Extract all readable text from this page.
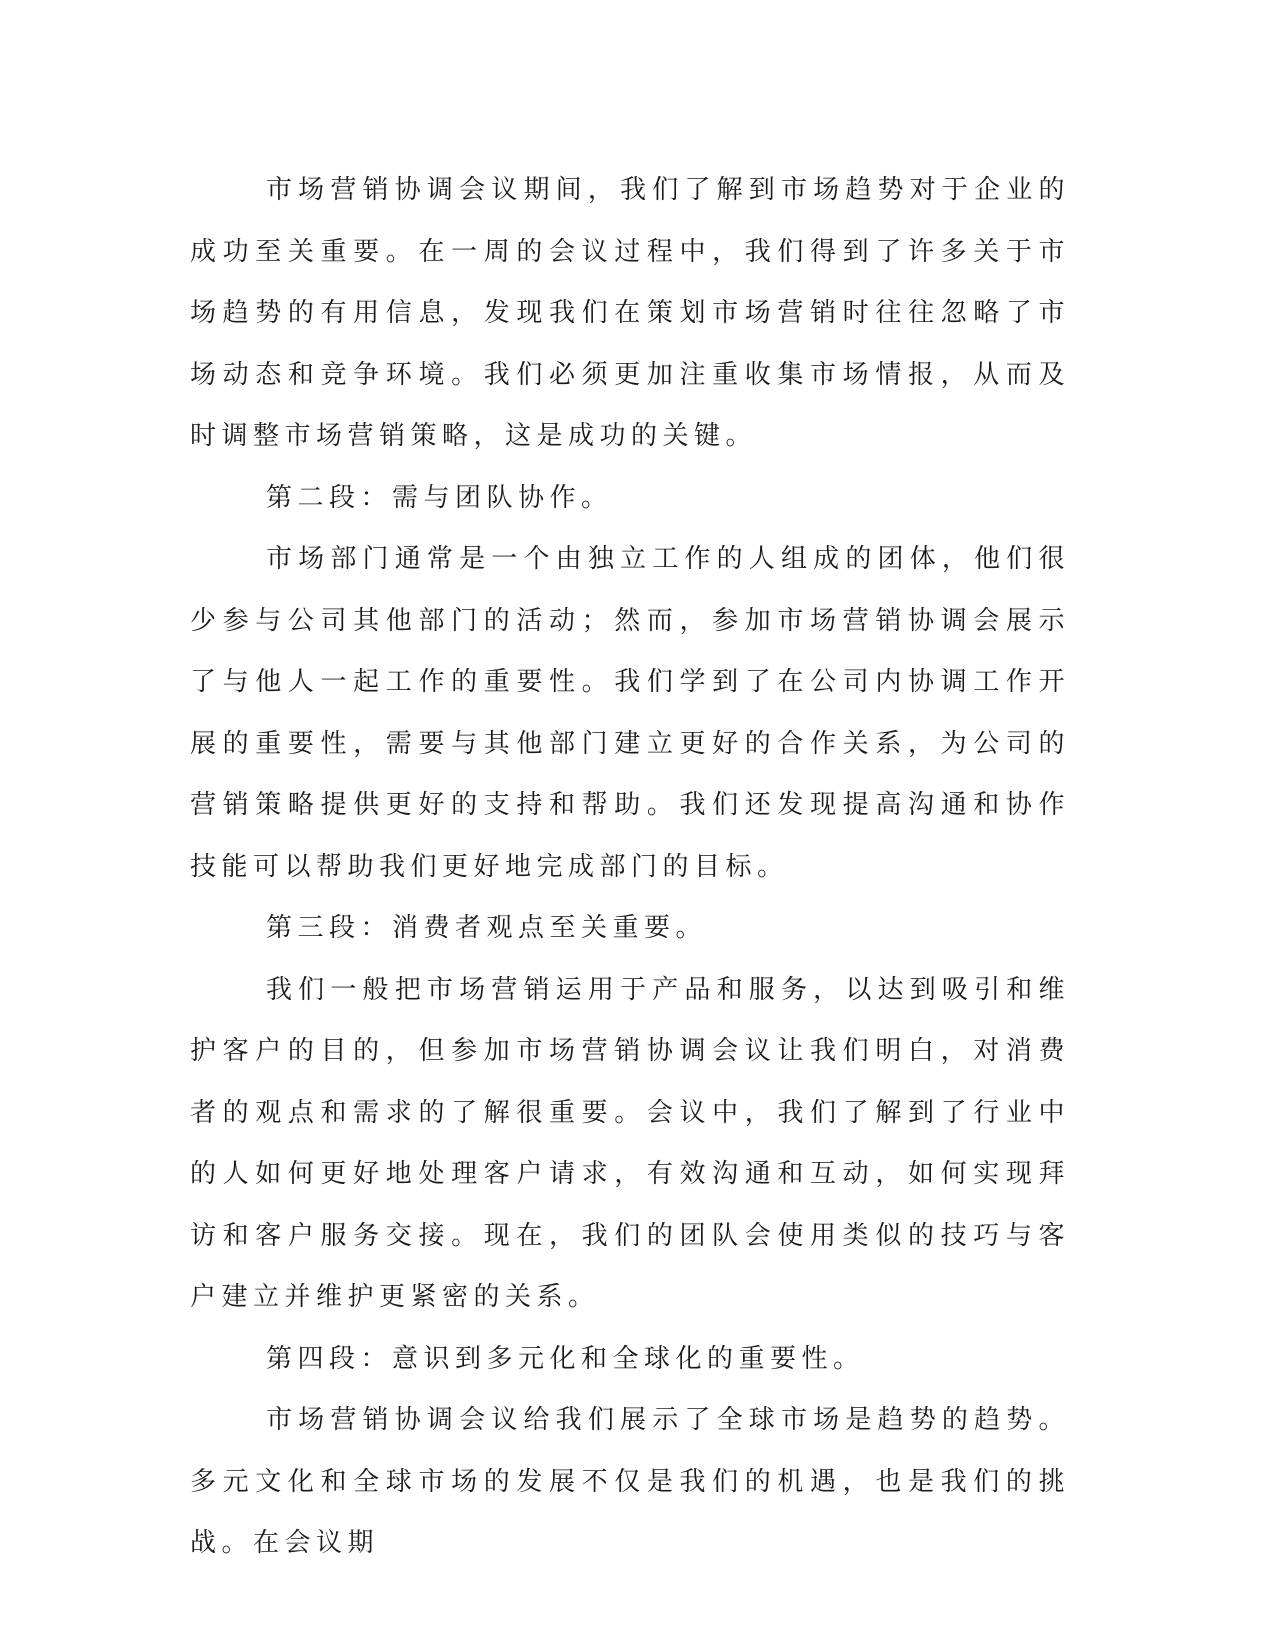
市场营销协调会议期间，我们了解到市场趋势对于企业的成功至关重要。在一周的会议过程中，我们得到了许多关于市场趋势的有用信息，发现我们在策划市场营销时往往忽略了市场动态和竞争环境。我们必须更加注重收集市场情报，从而及时调整市场营销策略，这是成功的关键。

第二段：需与团队协作。

市场部门通常是一个由独立工作的人组成的团体，他们很少参与公司其他部门的活动；然而，参加市场营销协调会展示了与他人一起工作的重要性。我们学到了在公司内协调工作开展的重要性，需要与其他部门建立更好的合作关系，为公司的营销策略提供更好的支持和帮助。我们还发现提高沟通和协作技能可以帮助我们更好地完成部门的目标。

第三段：消费者观点至关重要。

我们一般把市场营销运用于产品和服务，以达到吸引和维护客户的目的，但参加市场营销协调会议让我们明白，对消费者的观点和需求的了解很重要。会议中，我们了解到了行业中的人如何更好地处理客户请求，有效沟通和互动，如何实现拜访和客户服务交接。现在，我们的团队会使用类似的技巧与客户建立并维护更紧密的关系。

第四段：意识到多元化和全球化的重要性。

市场营销协调会议给我们展示了全球市场是趋势的趋势。多元文化和全球市场的发展不仅是我们的机遇，也是我们的挑战。在会议期
